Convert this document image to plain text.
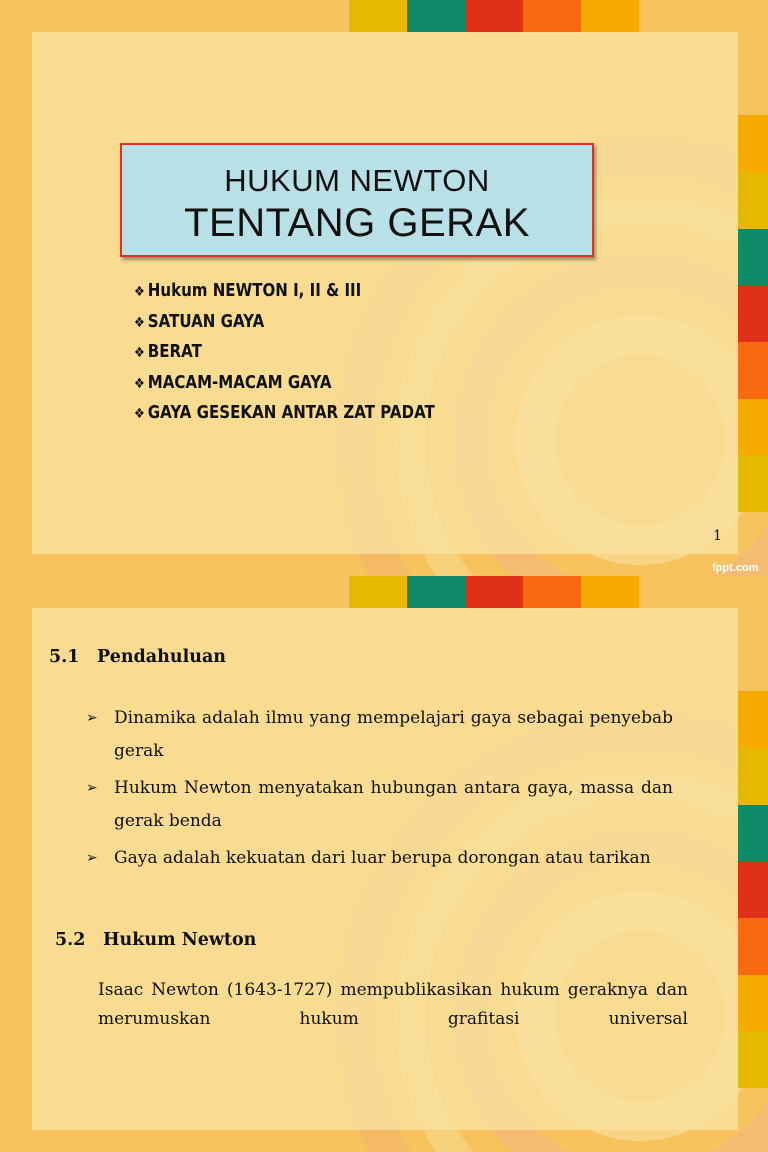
HUKUM NEWTON
TENTANG GERAK
❖ Hukum NEWTON I, II & III
❖ SATUAN GAYA
❖ BERAT
❖ MACAM-MACAM GAYA
❖ GAYA GESEKAN ANTAR ZAT PADAT
1
fppt.com
5.1 Pendahuluan
➢ Dinamika adalah ilmu yang mempelajari gaya sebagai penyebab gerak
➢ Hukum Newton menyatakan hubungan antara gaya, massa dan gerak benda
➢ Gaya adalah kekuatan dari luar berupa dorongan atau tarikan
5.2 Hukum Newton

Isaac Newton (1643-1727) mempublikasikan hukum geraknya dan merumuskan hukum grafitasi universal
